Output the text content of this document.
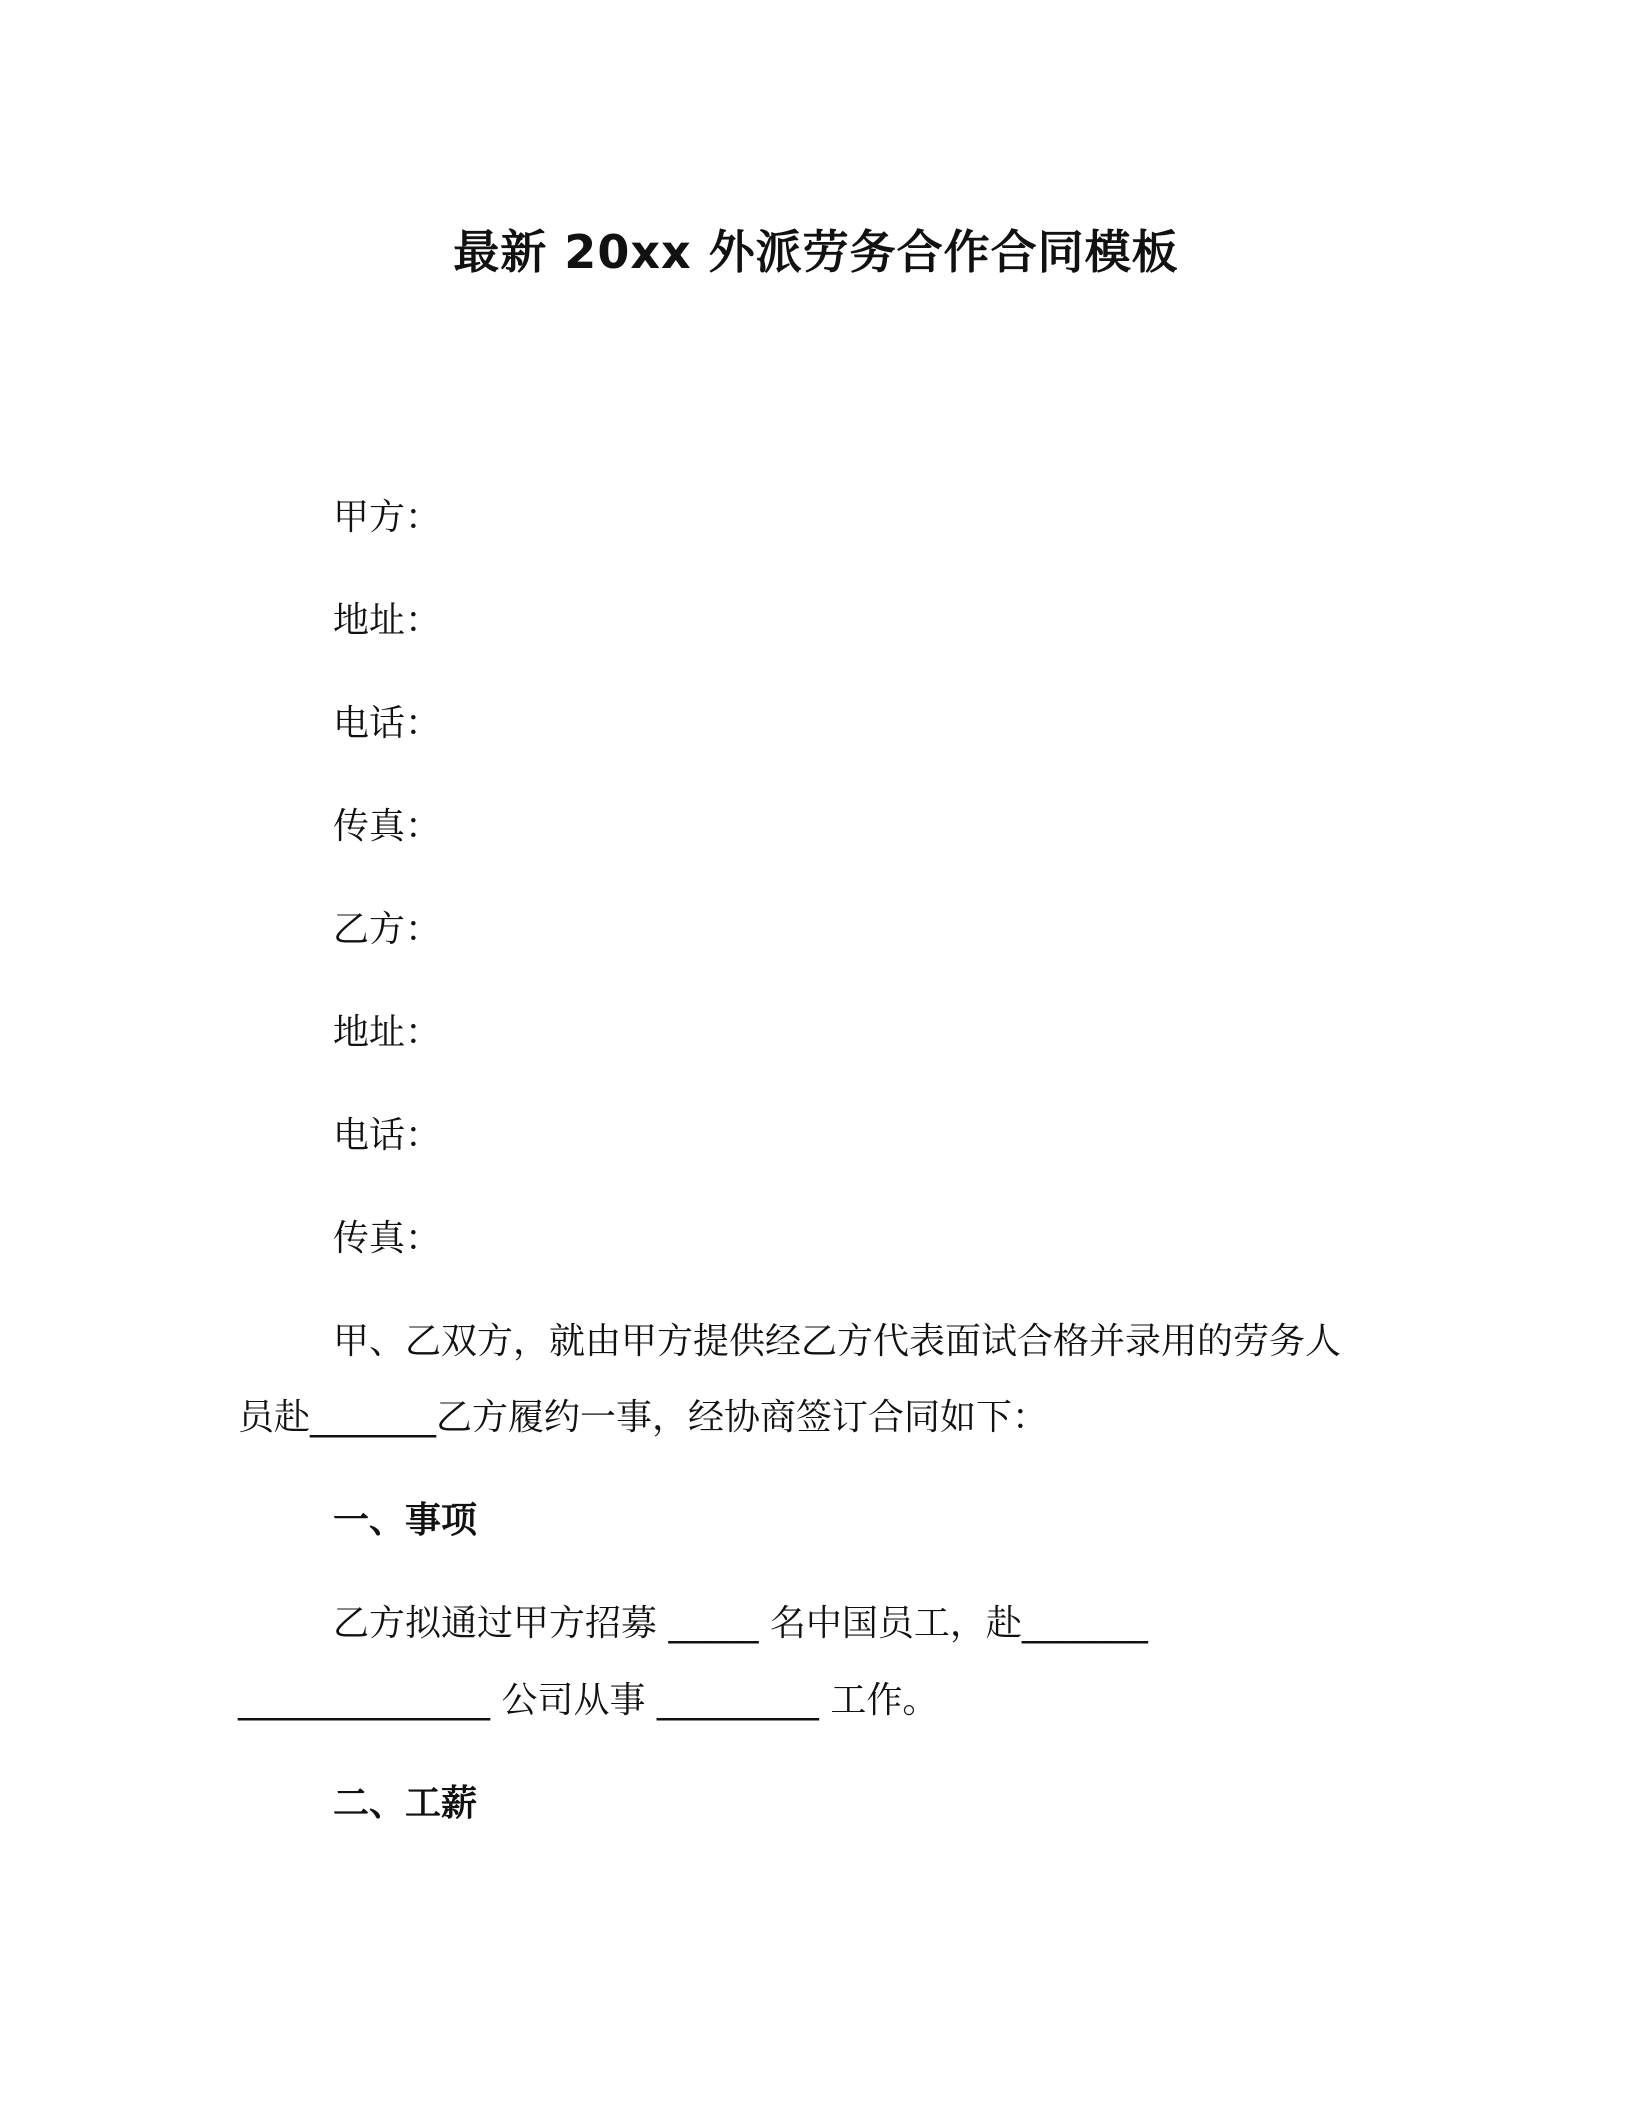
最新 20xx 外派劳务合作合同模板
甲方：
地址：
电话：
传真：
乙方：
地址：
电话：
传真：
甲、乙双方，就由甲方提供经乙方代表面试合格并录用的劳务人
员赴_______乙方履约一事，经协商签订合同如下：
一、事项
乙方拟通过甲方招募 _____ 名中国员工，赴_______
______________ 公司从事 _________ 工作。
二、工薪
